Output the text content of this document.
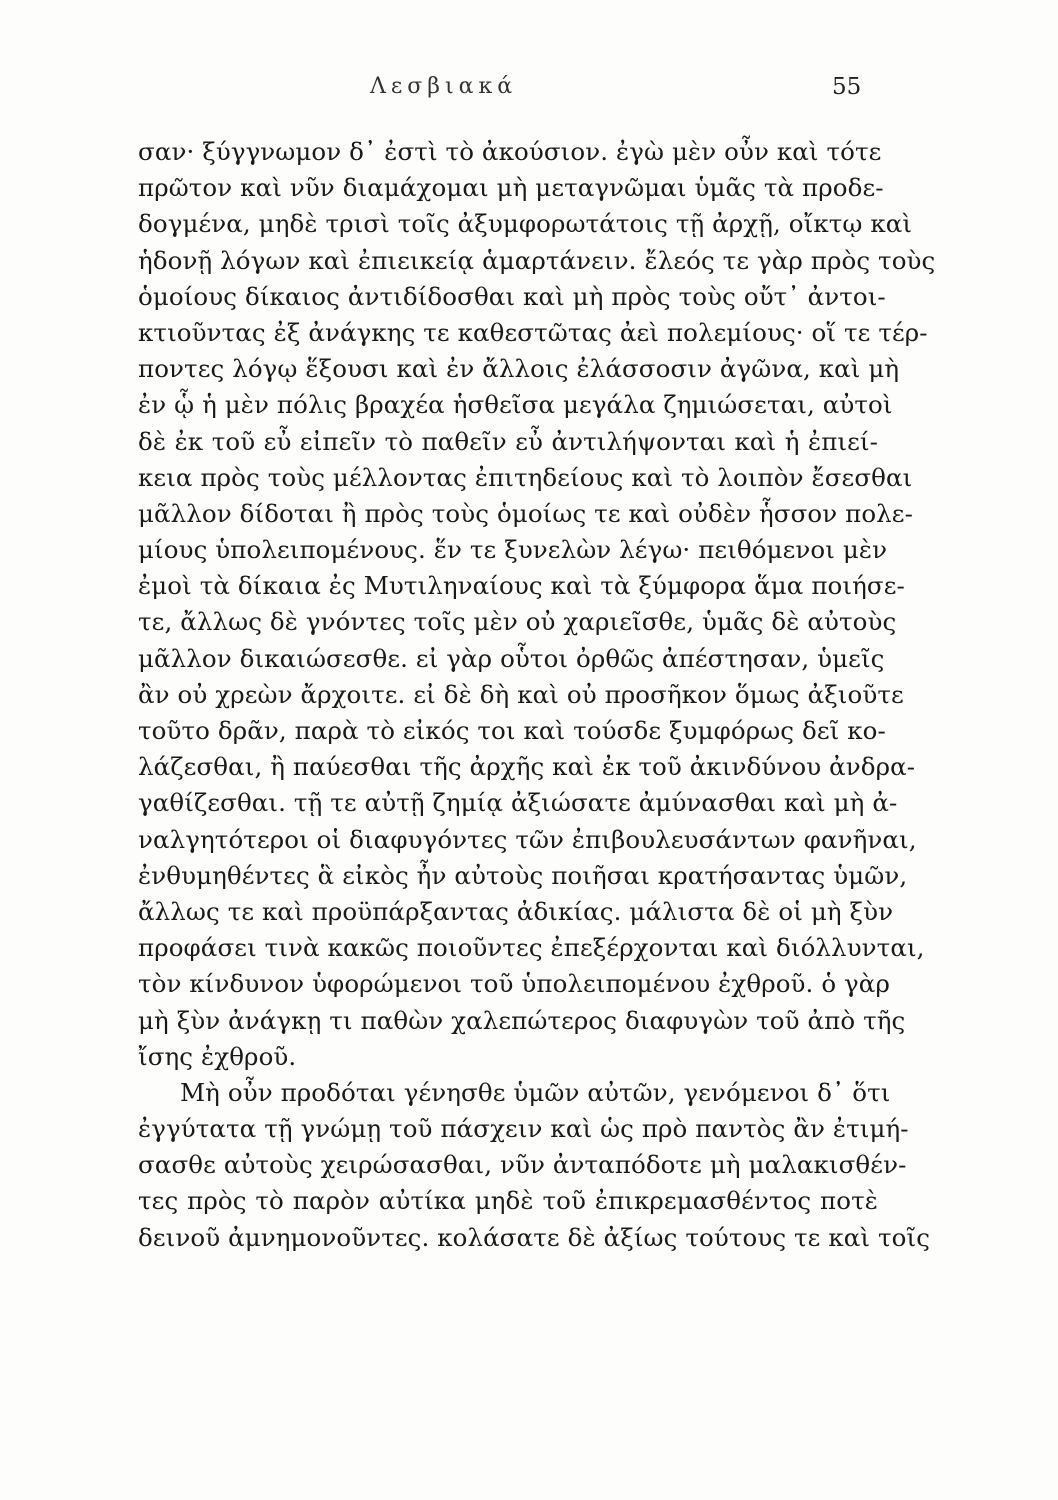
Λεσβιακά	55
σαν· ξύγγνωμον δ᾽ ἐστὶ τὸ ἀκούσιον. ἐγὼ μὲν οὖν καὶ τότε
πρῶτον καὶ νῦν διαμάχομαι μὴ μεταγνῶμαι ὑμᾶς τὰ προδε-
δογμένα, μηδὲ τρισὶ τοῖς ἀξυμφορωτάτοις τῇ ἀρχῇ, οἴκτῳ καὶ
ἡδονῇ λόγων καὶ ἐπιεικείᾳ ἁμαρτάνειν. ἔλεός τε γὰρ πρὸς τοὺς
ὁμοίους δίκαιος ἀντιδίδοσθαι καὶ μὴ πρὸς τοὺς οὔτ᾽ ἀντοι-
κτιοῦντας ἐξ ἀνάγκης τε καθεστῶτας ἀεὶ πολεμίους· οἵ τε τέρ-
ποντες λόγῳ ἕξουσι καὶ ἐν ἄλλοις ἐλάσσοσιν ἀγῶνα, καὶ μὴ
ἐν ᾧ ἡ μὲν πόλις βραχέα ἡσθεῖσα μεγάλα ζημιώσεται, αὐτοὶ
δὲ ἐκ τοῦ εὖ εἰπεῖν τὸ παθεῖν εὖ ἀντιλήψονται καὶ ἡ ἐπιεί-
κεια πρὸς τοὺς μέλλοντας ἐπιτηδείους καὶ τὸ λοιπὸν ἔσεσθαι
μᾶλλον δίδοται ἢ πρὸς τοὺς ὁμοίως τε καὶ οὐδὲν ἧσσον πολε-
μίους ὑπολειπομένους. ἕν τε ξυνελὼν λέγω· πειθόμενοι μὲν
ἐμοὶ τὰ δίκαια ἐς Μυτιληναίους καὶ τὰ ξύμφορα ἅμα ποιήσε-
τε, ἄλλως δὲ γνόντες τοῖς μὲν οὐ χαριεῖσθε, ὑμᾶς δὲ αὐτοὺς
μᾶλλον δικαιώσεσθε. εἰ γὰρ οὗτοι ὀρθῶς ἀπέστησαν, ὑμεῖς
ἂν οὐ χρεὼν ἄρχοιτε. εἰ δὲ δὴ καὶ οὐ προσῆκον ὅμως ἀξιοῦτε
τοῦτο δρᾶν, παρὰ τὸ εἰκός τοι καὶ τούσδε ξυμφόρως δεῖ κο-
λάζεσθαι, ἢ παύεσθαι τῆς ἀρχῆς καὶ ἐκ τοῦ ἀκινδύνου ἀνδρα-
γαθίζεσθαι. τῇ τε αὐτῇ ζημίᾳ ἀξιώσατε ἀμύνασθαι καὶ μὴ ἀ-
ναλγητότεροι οἱ διαφυγόντες τῶν ἐπιβουλευσάντων φανῆναι,
ἐνθυμηθέντες ἃ εἰκὸς ἦν αὐτοὺς ποιῆσαι κρατήσαντας ὑμῶν,
ἄλλως τε καὶ προϋπάρξαντας ἀδικίας. μάλιστα δὲ οἱ μὴ ξὺν
προφάσει τινὰ κακῶς ποιοῦντες ἐπεξέρχονται καὶ διόλλυνται,
τὸν κίνδυνον ὑφορώμενοι τοῦ ὑπολειπομένου ἐχθροῦ. ὁ γὰρ
μὴ ξὺν ἀνάγκῃ τι παθὼν χαλεπώτερος διαφυγὼν τοῦ ἀπὸ τῆς
ἴσης ἐχθροῦ.
Μὴ οὖν προδόται γένησθε ὑμῶν αὐτῶν, γενόμενοι δ᾽ ὅτι
ἐγγύτατα τῇ γνώμῃ τοῦ πάσχειν καὶ ὡς πρὸ παντὸς ἂν ἐτιμή-
σασθε αὐτοὺς χειρώσασθαι, νῦν ἀνταπόδοτε μὴ μαλακισθέν-
τες πρὸς τὸ παρὸν αὐτίκα μηδὲ τοῦ ἐπικρεμασθέντος ποτὲ
δεινοῦ ἀμνημονοῦντες. κολάσατε δὲ ἀξίως τούτους τε καὶ τοῖς
